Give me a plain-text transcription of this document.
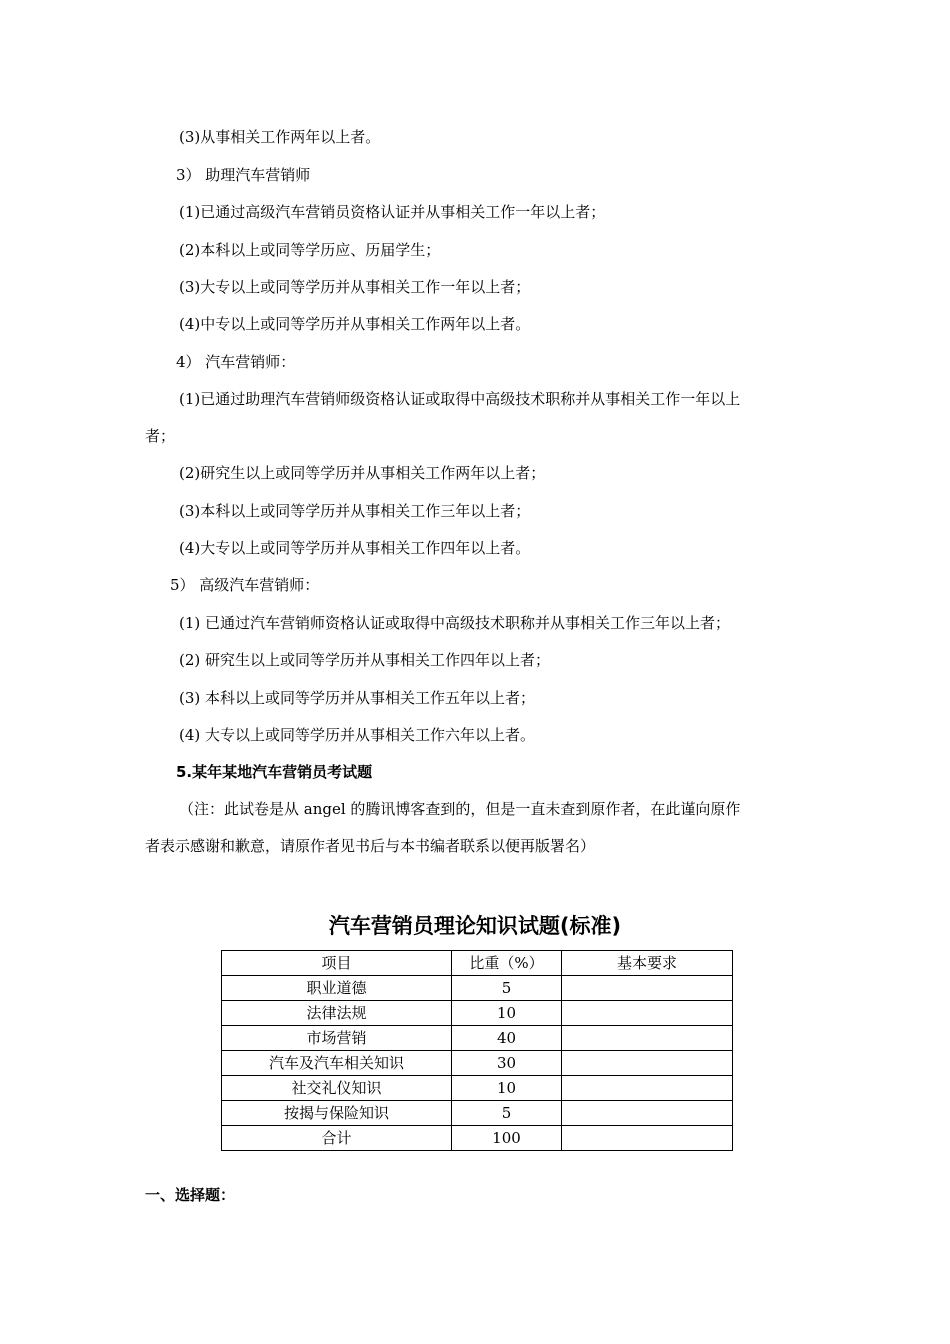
(3)从事相关工作两年以上者。
3） 助理汽车营销师
(1)已通过高级汽车营销员资格认证并从事相关工作一年以上者；
(2)本科以上或同等学历应、历届学生；
(3)大专以上或同等学历并从事相关工作一年以上者；
(4)中专以上或同等学历并从事相关工作两年以上者。
4） 汽车营销师：
(1)已通过助理汽车营销师级资格认证或取得中高级技术职称并从事相关工作一年以上
者；
(2)研究生以上或同等学历并从事相关工作两年以上者；
(3)本科以上或同等学历并从事相关工作三年以上者；
(4)大专以上或同等学历并从事相关工作四年以上者。
5） 高级汽车营销师：
(1) 已通过汽车营销师资格认证或取得中高级技术职称并从事相关工作三年以上者；
(2) 研究生以上或同等学历并从事相关工作四年以上者；
(3) 本科以上或同等学历并从事相关工作五年以上者；
(4) 大专以上或同等学历并从事相关工作六年以上者。
5.某年某地汽车营销员考试题
（注：此试卷是从 angel 的腾讯博客查到的，但是一直未查到原作者，在此谨向原作
者表示感谢和歉意，请原作者见书后与本书编者联系以便再版署名）
汽车营销员理论知识试题(标准)
项目	比重（%）	基本要求
职业道德	5	
法律法规	10	
市场营销	40	
汽车及汽车相关知识	30	
社交礼仪知识	10	
按揭与保险知识	5	
合计	100	
一、选择题：
